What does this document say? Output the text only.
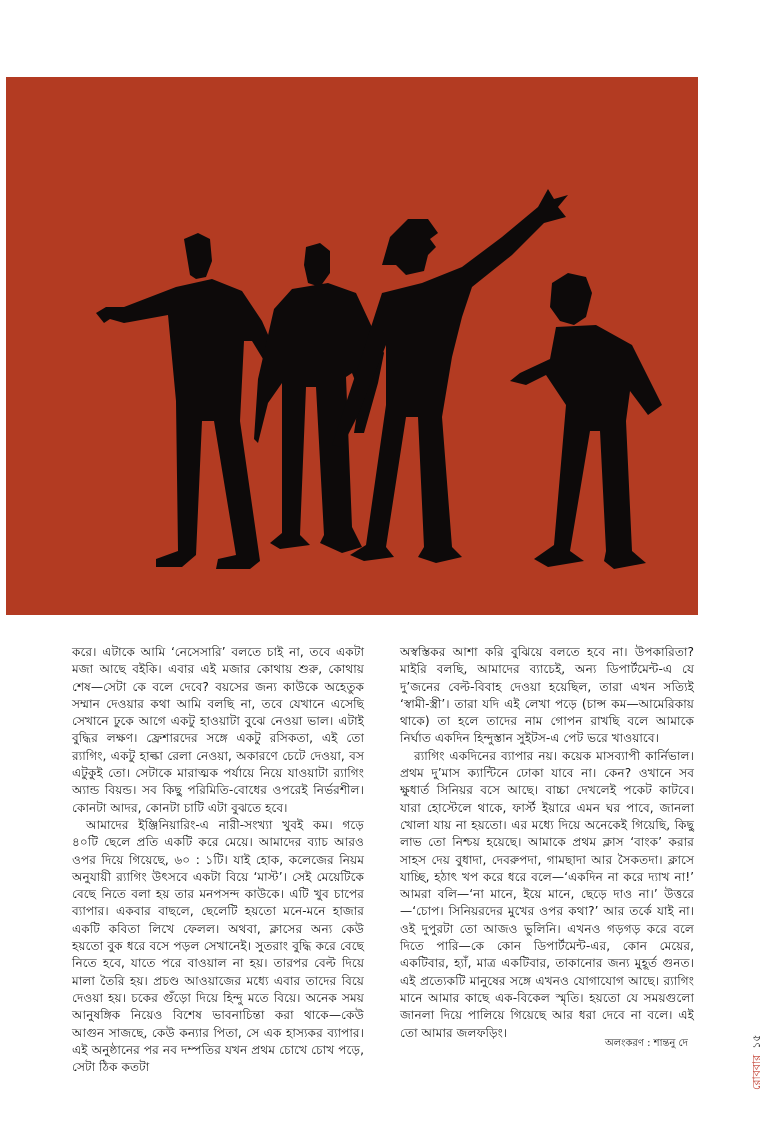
করে। এটাকে আমি ‘নেসেসারি’ বলতে চাই না, তবে একটা মজা আছে বইকি। এবার এই মজার কোথায় শুরু, কোথায় শেষ—সেটা কে বলে দেবে? বয়সের জন্য কাউকে অহেতুক সম্মান দেওয়ার কথা আমি বলছি না, তবে যেখানে এসেছি সেখানে ঢুকে আগে একটু হাওয়াটা বুঝে নেওয়া ভাল। এটাই বুদ্ধির লক্ষণ। ফ্রেশারদের সঙ্গে একটু রসিকতা, এই তো র‍্যাগিং, একটু হাল্কা রেলা নেওয়া, অকারণে চেটে দেওয়া, বস এটুকুই তো। সেটাকে মারাত্মক পর্যায়ে নিয়ে যাওয়াটা র‍্যাগিং অ্যান্ড বিয়ন্ড। সব কিছু পরিমিতি-বোধের ওপরেই নির্ভরশীল। কোনটা আদর, কোনটা চাটি এটা বুঝতে হবে।

আমাদের ইঞ্জিনিয়ারিং-এ নারী-সংখ্যা খুবই কম। গড়ে ৪০টি ছেলে প্রতি একটি করে মেয়ে। আমাদের ব্যাচ আরও ওপর দিয়ে গিয়েছে, ৬০ : ১টি। যাই হোক, কলেজের নিয়ম অনুযায়ী র‍্যাগিং উৎসবে একটা বিয়ে ‘মাস্ট’। সেই মেয়েটিকে বেছে নিতে বলা হয় তার মনপসন্দ কাউকে। এটি খুব চাপের ব্যাপার। একবার বাছলে, ছেলেটি হয়তো মনে-মনে হাজার একটি কবিতা লিখে ফেলল। অথবা, ক্লাসের অন্য কেউ হয়তো বুক ধরে বসে পড়ল সেখানেই। সুতরাং বুদ্ধি করে বেছে নিতে হবে, যাতে পরে বাওয়াল না হয়। তারপর বেল্ট দিয়ে মালা তৈরি হয়। প্রচণ্ড আওয়াজের মধ্যে এবার তাদের বিয়ে দেওয়া হয়। চকের গুঁড়ো দিয়ে হিন্দু মতে বিয়ে। অনেক সময় আনুষঙ্গিক নিয়েও বিশেষ ভাবনাচিন্তা করা থাকে—কেউ আগুন সাজছে, কেউ কন্যার পিতা, সে এক হাস্যকর ব্যাপার। এই অনুষ্ঠানের পর নব দম্পতির যখন প্রথম চোখে চোখ পড়ে, সেটা ঠিক কতটা

অস্বস্তিকর আশা করি বুঝিয়ে বলতে হবে না। উপকারিতা? মাইরি বলছি, আমাদের ব্যাচেই, অন্য ডিপার্টমেন্ট-এ যে দু’জনের বেল্ট-বিবাহ দেওয়া হয়েছিল, তারা এখন সত্যিই ‘স্বামী-স্ত্রী’। তারা যদি এই লেখা পড়ে (চান্স কম—আমেরিকায় থাকে) তা হলে তাদের নাম গোপন রাখছি বলে আমাকে নির্ঘাত একদিন হিন্দুস্তান সুইটস-এ পেট ভরে খাওয়াবে।

র‍্যাগিং একদিনের ব্যাপার নয়। কয়েক মাসব্যাপী কার্নিভাল। প্রথম দু’মাস ক্যান্টিনে ঢোকা যাবে না। কেন? ওখানে সব ক্ষুধার্ত সিনিয়র বসে আছে। বাচ্চা দেখলেই পকেট কাটবে। যারা হোস্টেলে থাকে, ফার্স্ট ইয়ারে এমন ঘর পাবে, জানলা খোলা যায় না হয়তো। এর মধ্যে দিয়ে অনেকেই গিয়েছি, কিছু লাভ তো নিশ্চয় হয়েছে। আমাকে প্রথম ক্লাস ‘বাংক’ করার সাহস দেয় বুধাদা, দেবরুপদা, গামছাদা আর সৈকতদা। ক্লাসে যাচ্ছি, হঠাৎ খপ করে ধরে বলে—‘একদিন না করে দ্যাখ না!’ আমরা বলি—‘না মানে, ইয়ে মানে, ছেড়ে দাও না।’ উত্তরে—‘চোপ। সিনিয়রদের মুখের ওপর কথা?’ আর তর্কে যাই না। ওই দুপুরটা তো আজও ভুলিনি। এখনও গড়গড় করে বলে দিতে পারি—কে কোন ডিপার্টমেন্ট-এর, কোন মেয়ের, একটিবার, হ্যাঁ, মাত্র একটিবার, তাকানোর জন্য মুহূর্ত গুনত। এই প্রত্যেকটি মানুষের সঙ্গে এখনও যোগাযোগ আছে। র‍্যাগিং মানে আমার কাছে এক-বিকেল স্মৃতি। হয়তো যে সময়গুলো জানলা দিয়ে পালিয়ে গিয়েছে আর ধরা দেবে না বলে। এই তো আমার জলফড়িং।

অলংকরণ : শান্তনু দে
রোববার
১৫
